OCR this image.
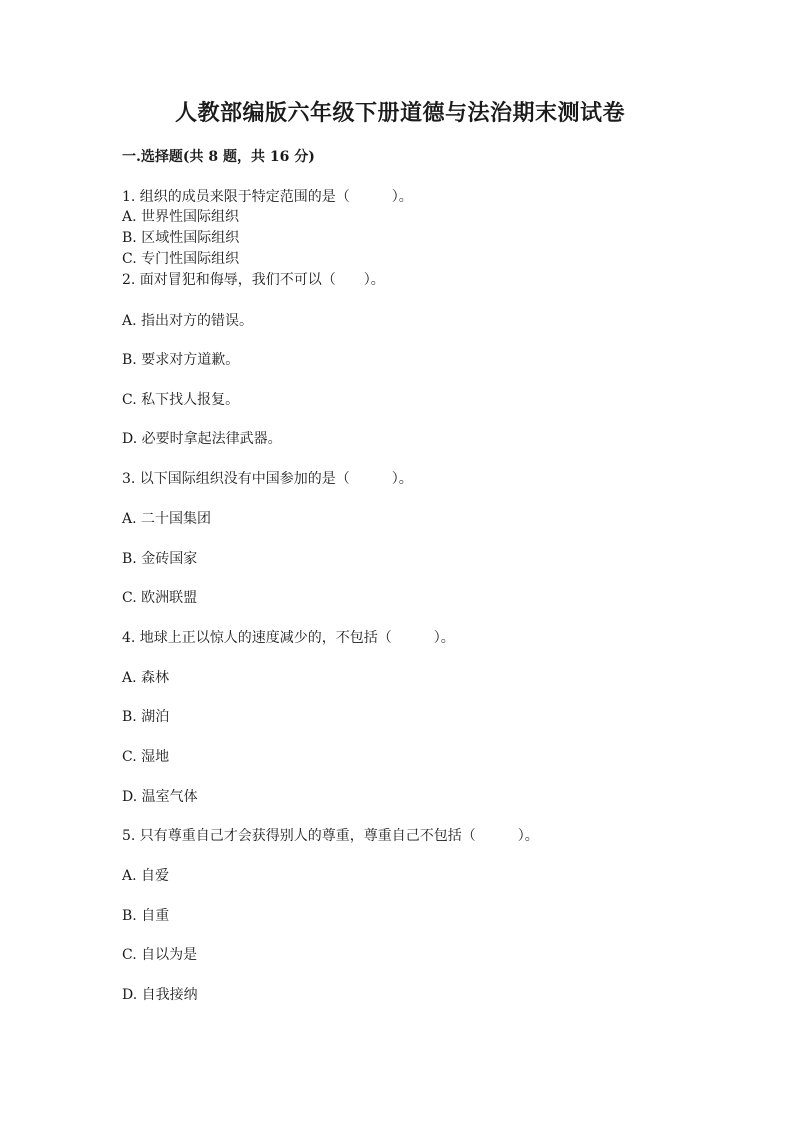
人教部编版六年级下册道德与法治期末测试卷
一.选择题(共 8 题，共 16 分)
1. 组织的成员来限于特定范围的是（　　　）。
A. 世界性国际组织
B. 区域性国际组织
C. 专门性国际组织
2. 面对冒犯和侮辱，我们不可以（　　）。
A. 指出对方的错误。
B. 要求对方道歉。
C. 私下找人报复。
D. 必要时拿起法律武器。
3. 以下国际组织没有中国参加的是（　　　）。
A. 二十国集团
B. 金砖国家
C. 欧洲联盟
4. 地球上正以惊人的速度减少的，不包括（　　　）。
A. 森林
B. 湖泊
C. 湿地
D. 温室气体
5. 只有尊重自己才会获得别人的尊重，尊重自己不包括（　　　）。
A. 自爱
B. 自重
C. 自以为是
D. 自我接纳
